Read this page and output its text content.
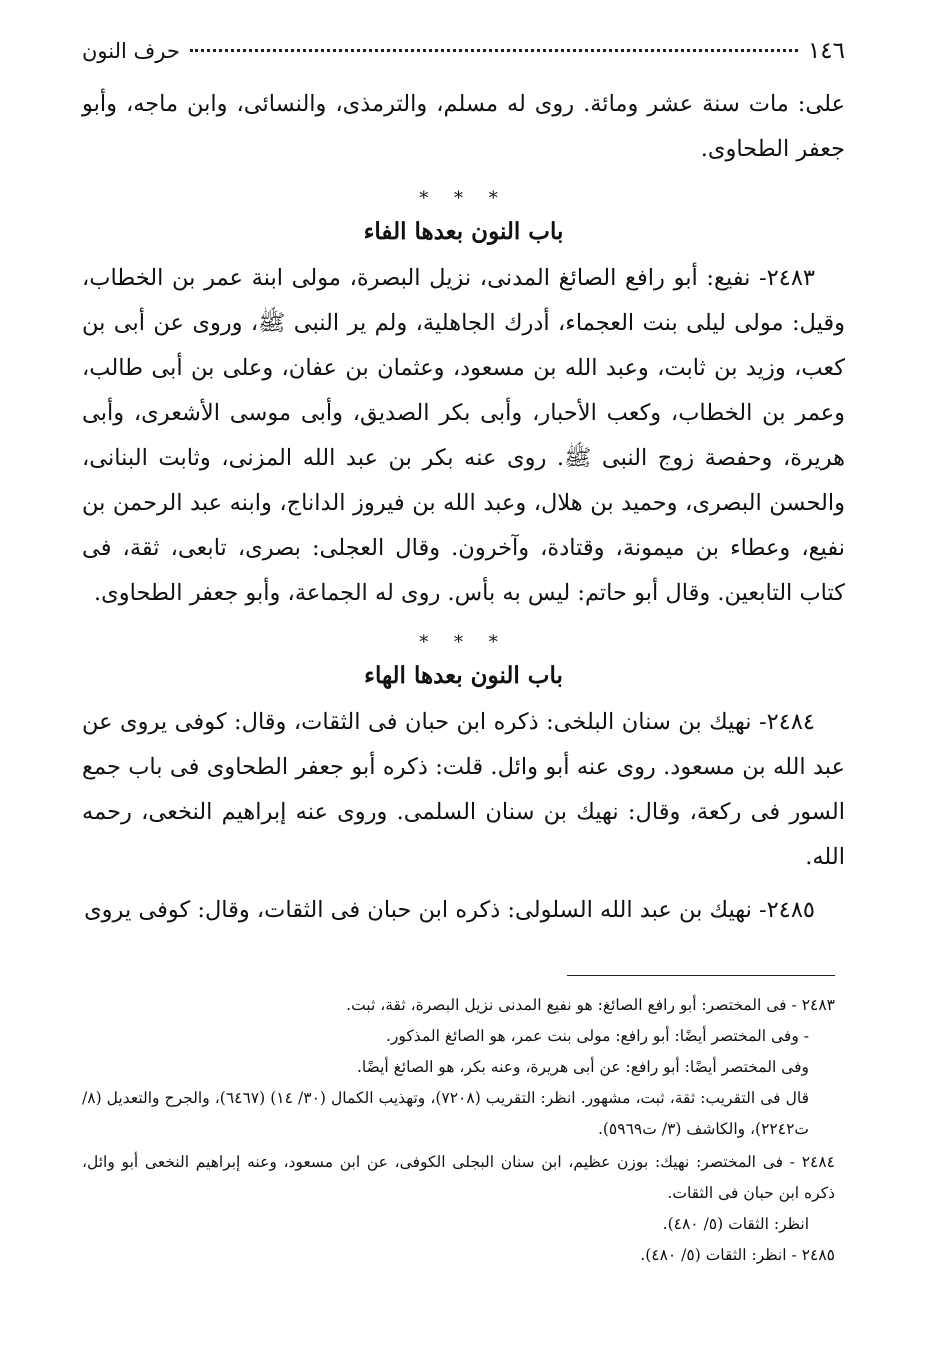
١٤٦
حرف النون

على: مات سنة عشر ومائة. روى له مسلم، والترمذى، والنسائى، وابن ماجه، وأبو جعفر الطحاوى.

* * *
باب النون بعدها الفاء

٢٤٨٣- نفيع: أبو رافع الصائغ المدنى، نزيل البصرة، مولى ابنة عمر بن الخطاب، وقيل: مولى ليلى بنت العجماء، أدرك الجاهلية، ولم ير النبى ﷺ، وروى عن أبى بن كعب، وزيد بن ثابت، وعبد الله بن مسعود، وعثمان بن عفان، وعلى بن أبى طالب، وعمر بن الخطاب، وكعب الأحبار، وأبى بكر الصديق، وأبى موسى الأشعرى، وأبى هريرة، وحفصة زوج النبى ﷺ. روى عنه بكر بن عبد الله المزنى، وثابت البنانى، والحسن البصرى، وحميد بن هلال، وعبد الله بن فيروز الداناج، وابنه عبد الرحمن بن نفيع، وعطاء بن ميمونة، وقتادة، وآخرون. وقال العجلى: بصرى، تابعى، ثقة، فى كتاب التابعين. وقال أبو حاتم: ليس به بأس. روى له الجماعة، وأبو جعفر الطحاوى.

* * *
باب النون بعدها الهاء

٢٤٨٤- نهيك بن سنان البلخى: ذكره ابن حبان فى الثقات، وقال: كوفى يروى عن عبد الله بن مسعود. روى عنه أبو وائل. قلت: ذكره أبو جعفر الطحاوى فى باب جمع السور فى ركعة، وقال: نهيك بن سنان السلمى. وروى عنه إبراهيم النخعى، رحمه الله.

٢٤٨٥- نهيك بن عبد الله السلولى: ذكره ابن حبان فى الثقات، وقال: كوفى يروى

٢٤٨٣ - فى المختصر: أبو رافع الصائغ: هو نفيع المدنى نزيل البصرة، ثقة، ثبت.

- وفى المختصر أيضًا: أبو رافع: مولى بنت عمر، هو الصائغ المذكور.

وفى المختصر أيضًا: أبو رافع: عن أبى هريرة، وعنه بكر، هو الصائغ أيضًا.

قال فى التقريب: ثقة، ثبت، مشهور. انظر: التقريب (٧٢٠٨)، وتهذيب الكمال (٣٠/ ١٤) (٦٤٦٧)، والجرح والتعديل (٨/ ت٢٢٤٢)، والكاشف (٣/ ت٥٩٦٩).

٢٤٨٤ - فى المختصر: نهيك: بوزن عظيم، ابن سنان البجلى الكوفى، عن ابن مسعود، وعنه إبراهيم النخعى أبو وائل، ذكره ابن حبان فى الثقات.

انظر: الثقات (٥/ ٤٨٠).

٢٤٨٥ - انظر: الثقات (٥/ ٤٨٠).
